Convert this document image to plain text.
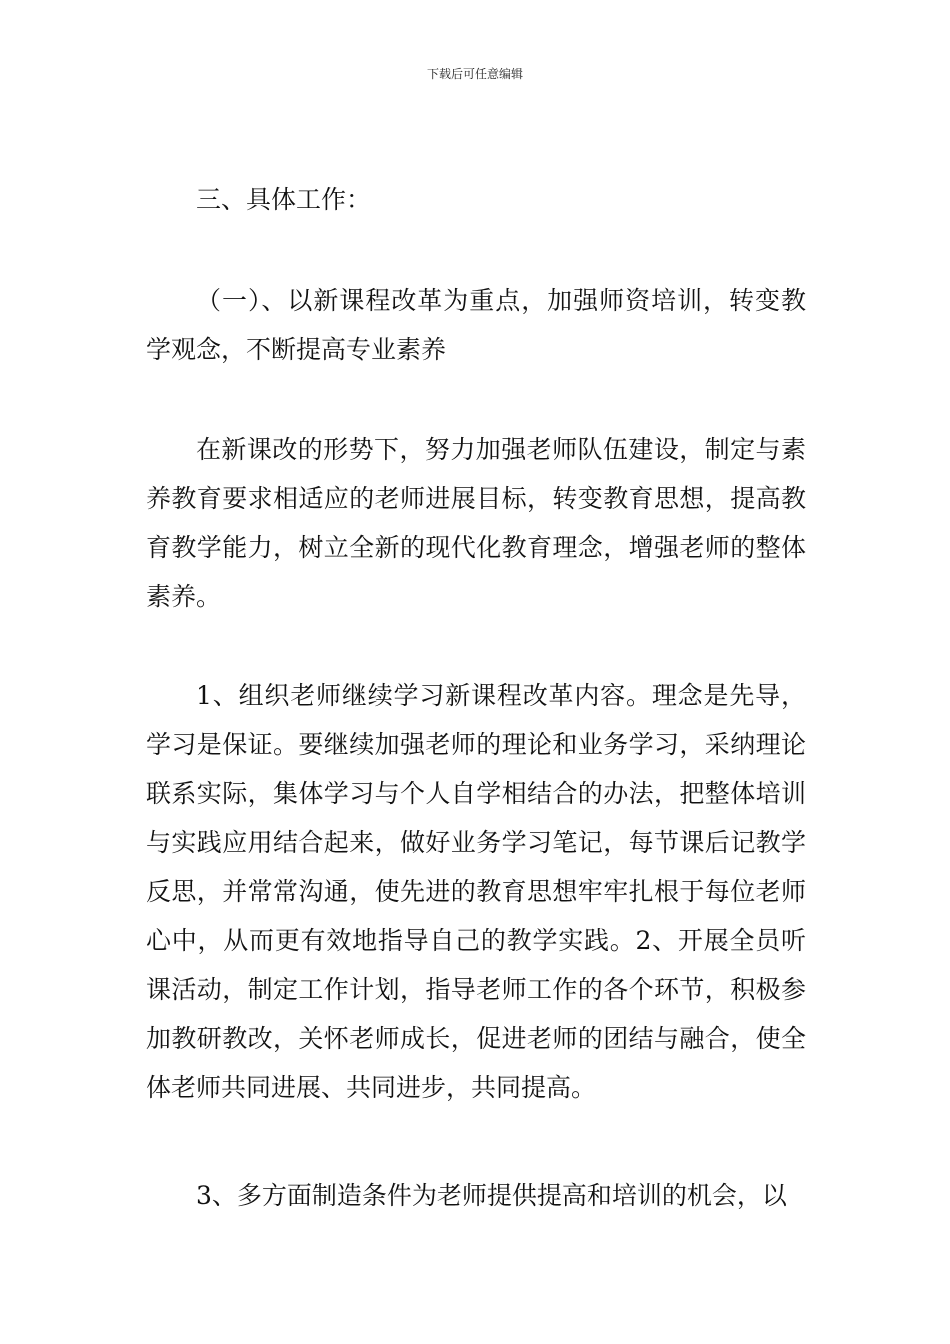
下载后可任意编辑

三、具体工作：

（一）、以新课程改革为重点，加强师资培训，转变教学观念，不断提高专业素养

在新课改的形势下，努力加强老师队伍建设，制定与素养教育要求相适应的老师进展目标，转变教育思想，提高教育教学能力，树立全新的现代化教育理念，增强老师的整体素养。

1、组织老师继续学习新课程改革内容。理念是先导，学习是保证。要继续加强老师的理论和业务学习，采纳理论联系实际，集体学习与个人自学相结合的办法，把整体培训与实践应用结合起来，做好业务学习笔记，每节课后记教学反思，并常常沟通，使先进的教育思想牢牢扎根于每位老师心中，从而更有效地指导自己的教学实践。2、开展全员听课活动，制定工作计划，指导老师工作的各个环节，积极参加教研教改，关怀老师成长，促进老师的团结与融合，使全体老师共同进展、共同进步，共同提高。

3、多方面制造条件为老师提供提高和培训的机会，以
